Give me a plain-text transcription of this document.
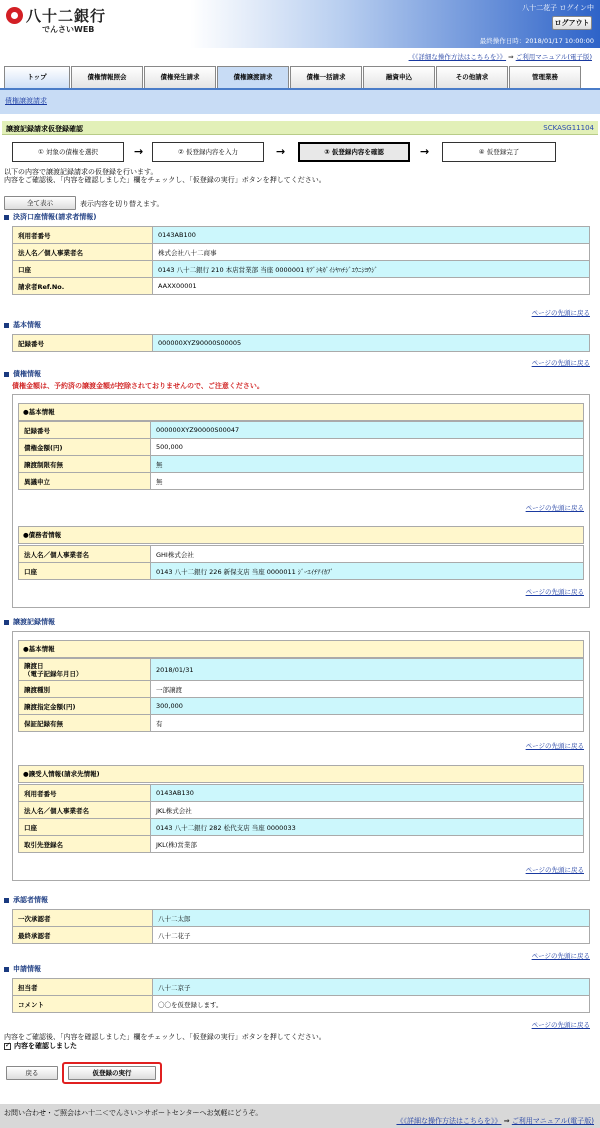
八十二銀行
でんさいWEB
八十二花子 ログイン中
ログアウト
最終操作日時：2018/01/17 10:00:00
《《詳細な操作方法はこちらを》》 ⇒ ご利用マニュアル(電子版)
トップ	債権情報照会	債権発生請求	債権譲渡請求	債権一括請求	融資申込	その他請求	管理業務
債権譲渡請求
譲渡記録請求仮登録確認	SCKASG11104
① 対象の債権を選択	→	② 仮登録内容を入力	→	③ 仮登録内容を確認	→	④ 仮登録完了
以下の内容で譲渡記録請求の仮登録を行います。
内容をご確認後、「内容を確認しました」欄をチェックし、「仮登録の実行」ボタンを押してください。
全て表示	表示内容を切り替えます。
決済口座情報(請求者情報)
利用者番号	0143AB100
法人名／個人事業者名	株式会社八十二商事
口座	0143 八十二銀行 210 本店営業部 当座 0000001 ｶﾌﾞｼｷｶﾞｲｼﾔﾊﾁｼﾞﾕｳﾆｼﾖｳｼﾞ
請求者Ref.No.	AAXX00001
ページの先頭に戻る
基本情報
記録番号	000000XYZ90000S00005
ページの先頭に戻る
債権情報
債権金額は、予約済の譲渡金額が控除されておりませんので、ご注意ください。
●基本情報
記録番号	000000XYZ90000S00047
債権金額(円)	500,000
譲渡制限有無	無
異議申立	無
ページの先頭に戻る
●債務者情報
法人名／個人事業者名	GHI株式会社
口座	0143 八十二銀行 226 新保支店 当座 0000011 ｼﾞｰｴｲﾁｱｲｶﾌﾞ
ページの先頭に戻る
譲渡記録情報
●基本情報
譲渡日
（電子記録年月日）	2018/01/31
譲渡種別	一部譲渡
譲渡指定金額(円)	300,000
保証記録有無	有
ページの先頭に戻る
●譲受人情報(請求先情報)
利用者番号	0143AB130
法人名／個人事業者名	JKL株式会社
口座	0143 八十二銀行 282 松代支店 当座 0000033
取引先登録名	JKL(株)営業部
ページの先頭に戻る
承認者情報
一次承認者	八十二太郎
最終承認者	八十二花子
ページの先頭に戻る
申請情報
担当者	八十二京子
コメント	〇〇を仮登録します。
ページの先頭に戻る
内容をご確認後、「内容を確認しました」欄をチェックし、「仮登録の実行」ボタンを押してください。
✓内容を確認しました
戻る	仮登録の実行
お問い合わせ・ご照会はハ十二＜でんさい＞サポートセンターへお気軽にどうぞ。
《《詳細な操作方法はこちらを》》 ⇒ ご利用マニュアル(電子版)
